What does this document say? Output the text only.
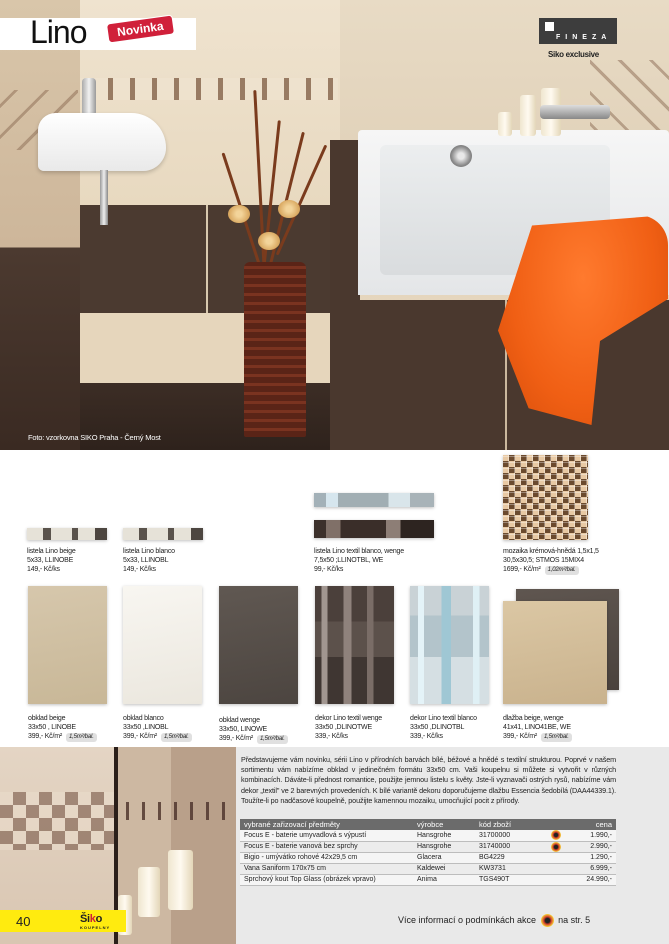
Lino	Novinka	FINEZA
Siko exclusive
Foto: vzorkovna SIKO Praha - Černý Most
listela Lino beige
5x33, LLINOBE
149,- Kč/ks
listela Lino blanco
5x33, LLINOBL
149,- Kč/ks
listela Lino textil blanco, wenge
7,5x50 ;LLINOTBL, WE
99,- Kč/ks
mozaika krémová-hnědá 1,5x1,5
30,5x30,5; STMOS 15MIX4
1699,- Kč/m² 1,02m²/bal.
obklad beige
33x50 , LINOBE
399,- Kč/m² 1,5m²/bal.
obklad blanco
33x50 ,LINOBL
399,- Kč/m² 1,5m²/bal.
obklad wenge
33x50, LINOWE
399,- Kč/m² 1,5m²/bal.
dekor Lino textil wenge
33x50 ,DLINOTWE
339,- Kč/ks
dekor Lino textil blanco
33x50 ,DLINOTBL
339,- Kč/ks
dlažba beige, wenge
41x41, LINO41BE, WE
399,- Kč/m² 1,5m²/bal.

Představujeme vám novinku, sérii Lino v přírodních barvách bílé, béžové a hnědé s textilní strukturou. Poprvé v našem sortimentu vám nabízíme obklad v jedinečném formátu 33x50 cm. Vaši koupelnu si můžete si vytvořit v různých kombinacích. Dáváte-li přednost romantice, použijte jemnou listelu s květy. Jste-li vyznavači ostrých rysů, nabízíme vám dekor „textil" ve 2 barevných provedeních. K bílé variantě dekoru doporučujeme dlažbu Essencia šedobílá (DAA44339.1). Toužíte-li po nadčasové koupelně, použijte kamennou mozaiku, umocňující pocit z přírody.

vybrané zařizovací předměty	výrobce	kód zboží		cena
Focus E - baterie umyvadlová s výpustí	Hansgrohe	31700000		1.990,-
Focus E - baterie vanová bez sprchy	Hansgrohe	31740000		2.990,-
Bigio - umývátko rohové 42x29,5 cm	Glacera	BG4229		1.290,-
Vana Saniform 170x75 cm	Kaldewei	KW3731		6.999,-
Sprchový kout Top Glass (obrázek vpravo)	Anima	TGS490T		24.990,-
Více informací o podmínkách akce na str. 5
40	Šiko
KOUPELNY
